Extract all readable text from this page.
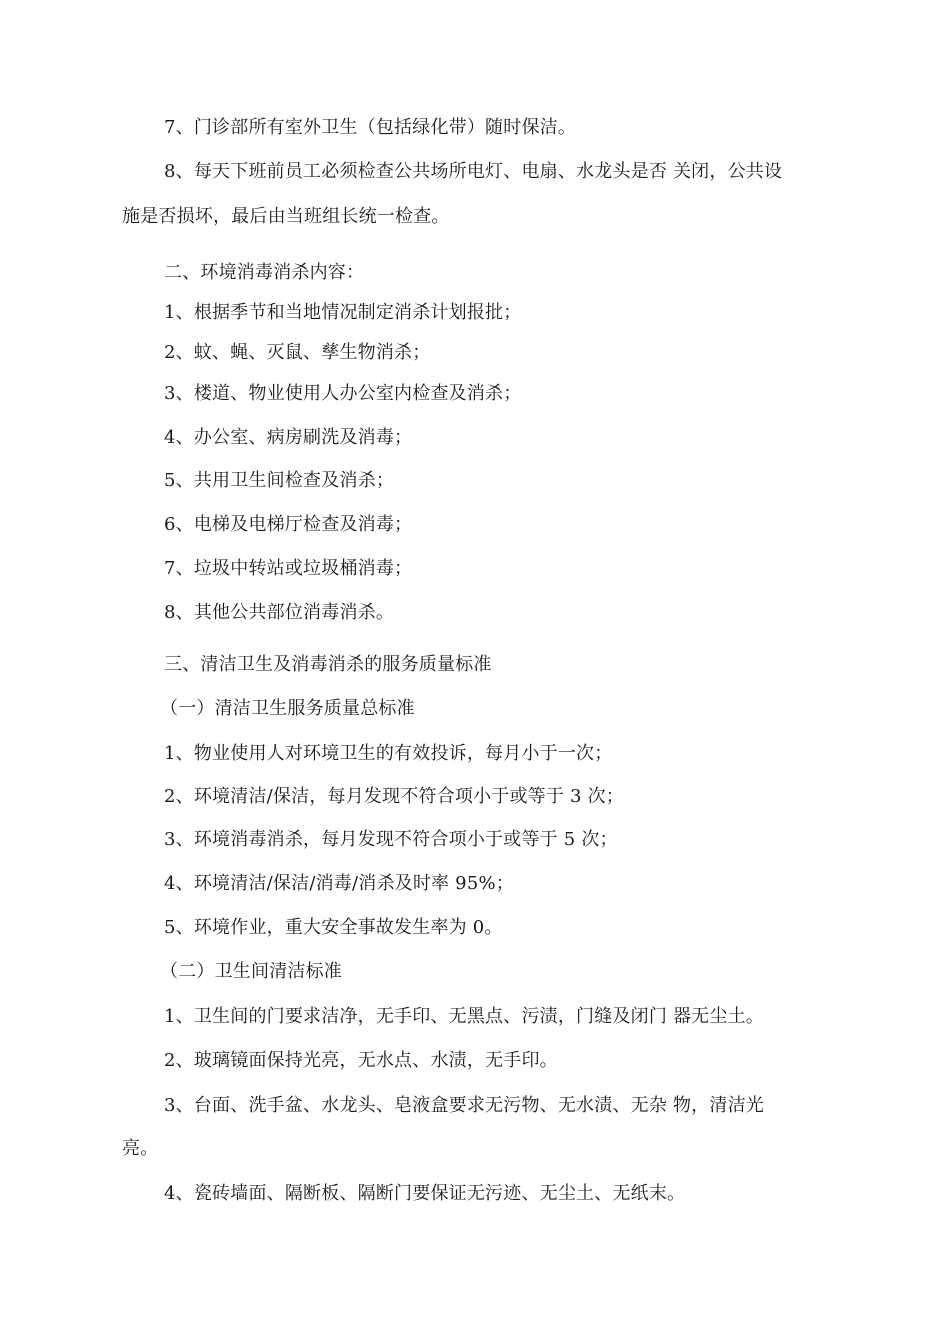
7、门诊部所有室外卫生（包括绿化带）随时保洁。
8、每天下班前员工必须检查公共场所电灯、电扇、水龙头是否 关闭，公共设
施是否损坏，最后由当班组长统一检查。
二、环境消毒消杀内容：
1、根据季节和当地情况制定消杀计划报批；
2、蚊、蝇、灭鼠、孳生物消杀；
3、楼道、物业使用人办公室内检查及消杀；
4、办公室、病房刷洗及消毒；
5、共用卫生间检查及消杀；
6、电梯及电梯厅检查及消毒；
7、垃圾中转站或垃圾桶消毒；
8、其他公共部位消毒消杀。
三、清洁卫生及消毒消杀的服务质量标准
（一）清洁卫生服务质量总标准
1、物业使用人对环境卫生的有效投诉，每月小于一次；
2、环境清洁/保洁，每月发现不符合项小于或等于 3 次；
3、环境消毒消杀，每月发现不符合项小于或等于 5 次；
4、环境清洁/保洁/消毒/消杀及时率 95%；
5、环境作业，重大安全事故发生率为 0。
（二）卫生间清洁标准
1、卫生间的门要求洁净，无手印、无黑点、污渍，门缝及闭门 器无尘土。
2、玻璃镜面保持光亮，无水点、水渍，无手印。
3、台面、洗手盆、水龙头、皂液盒要求无污物、无水渍、无杂 物，清洁光
亮。
4、瓷砖墙面、隔断板、隔断门要保证无污迹、无尘土、无纸末。
